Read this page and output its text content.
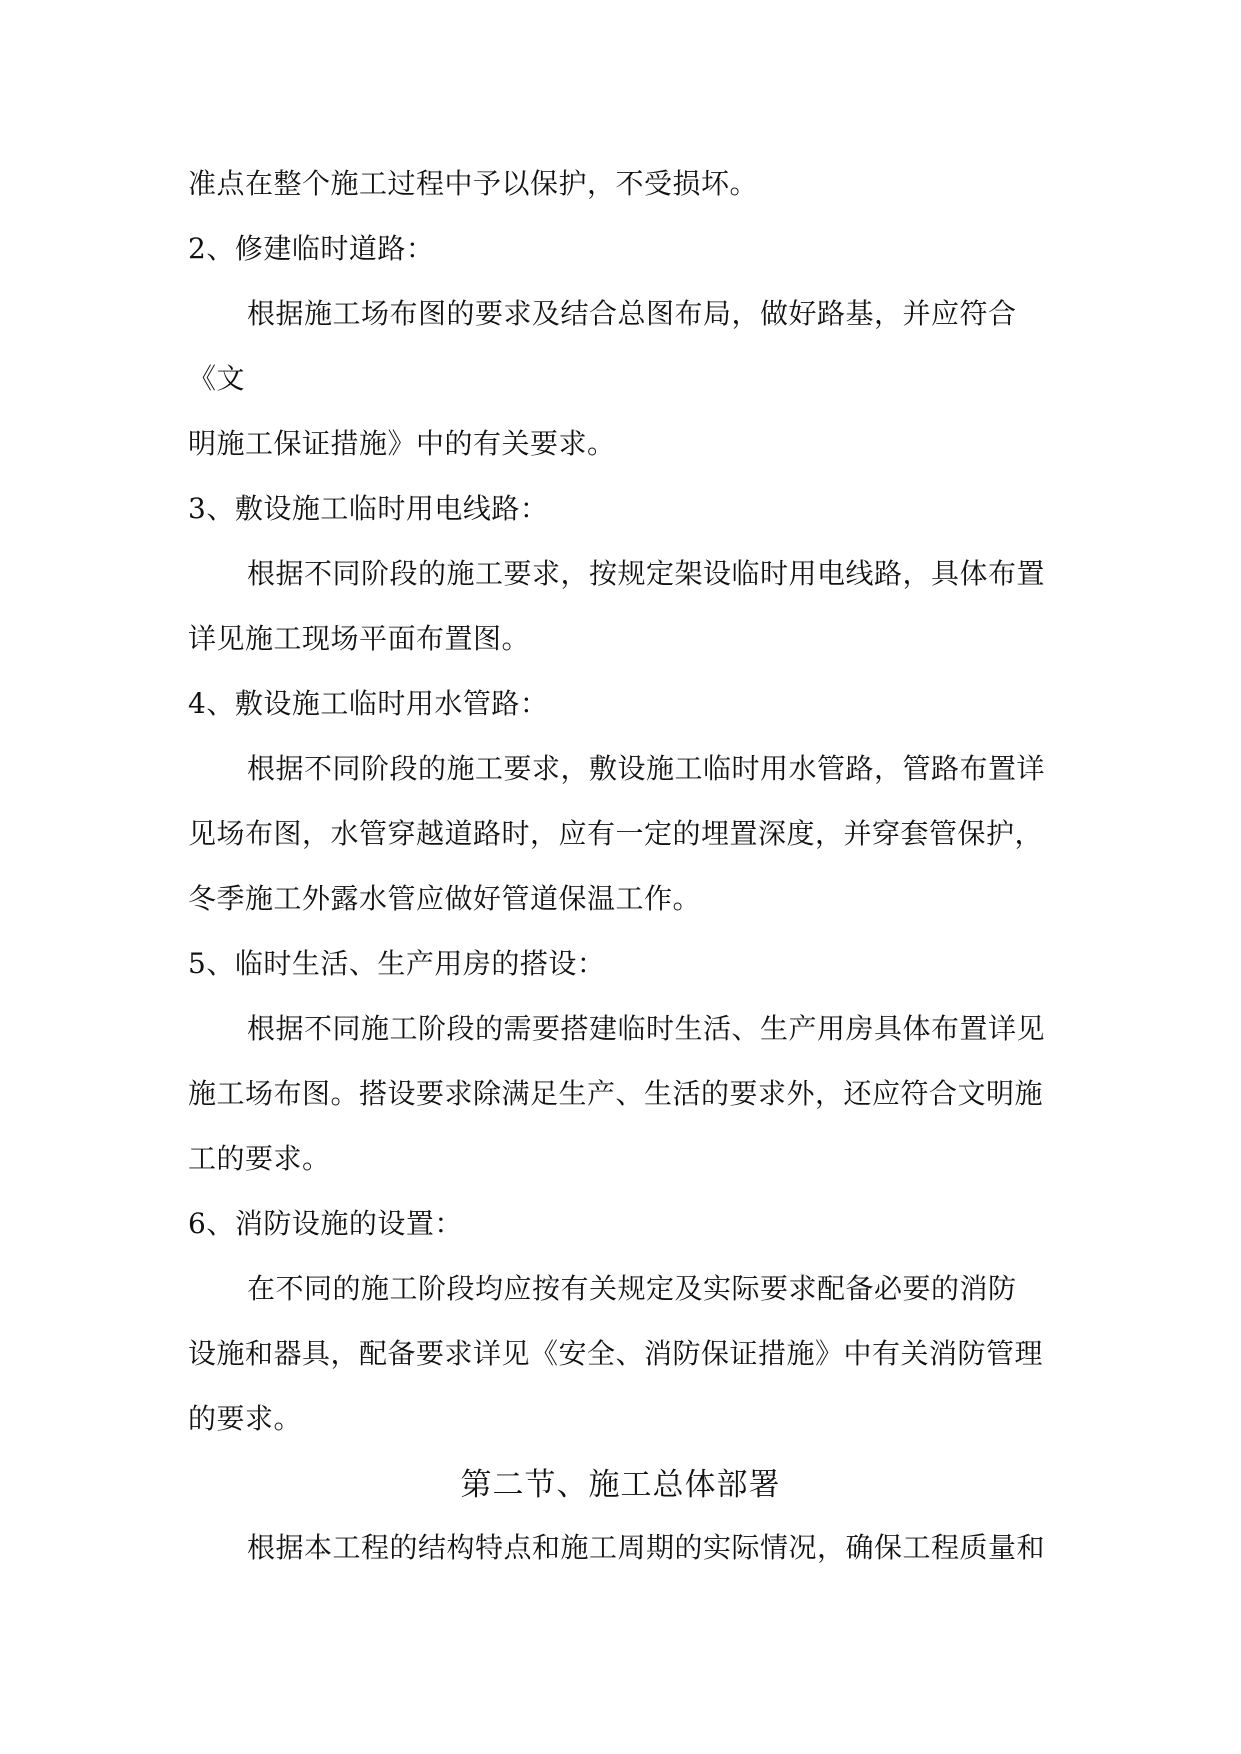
准点在整个施工过程中予以保护，不受损坏。
2、修建临时道路：
根据施工场布图的要求及结合总图布局，做好路基，并应符合
《文
明施工保证措施》中的有关要求。
3、敷设施工临时用电线路：
根据不同阶段的施工要求，按规定架设临时用电线路，具体布置
详见施工现场平面布置图。
4、敷设施工临时用水管路：
根据不同阶段的施工要求，敷设施工临时用水管路，管路布置详
见场布图，水管穿越道路时，应有一定的埋置深度，并穿套管保护，
冬季施工外露水管应做好管道保温工作。
5、临时生活、生产用房的搭设：
根据不同施工阶段的需要搭建临时生活、生产用房具体布置详见
施工场布图。搭设要求除满足生产、生活的要求外，还应符合文明施
工的要求。
6、消防设施的设置：
在不同的施工阶段均应按有关规定及实际要求配备必要的消防
设施和器具，配备要求详见《安全、消防保证措施》中有关消防管理
的要求。
第二节、施工总体部署
根据本工程的结构特点和施工周期的实际情况，确保工程质量和
